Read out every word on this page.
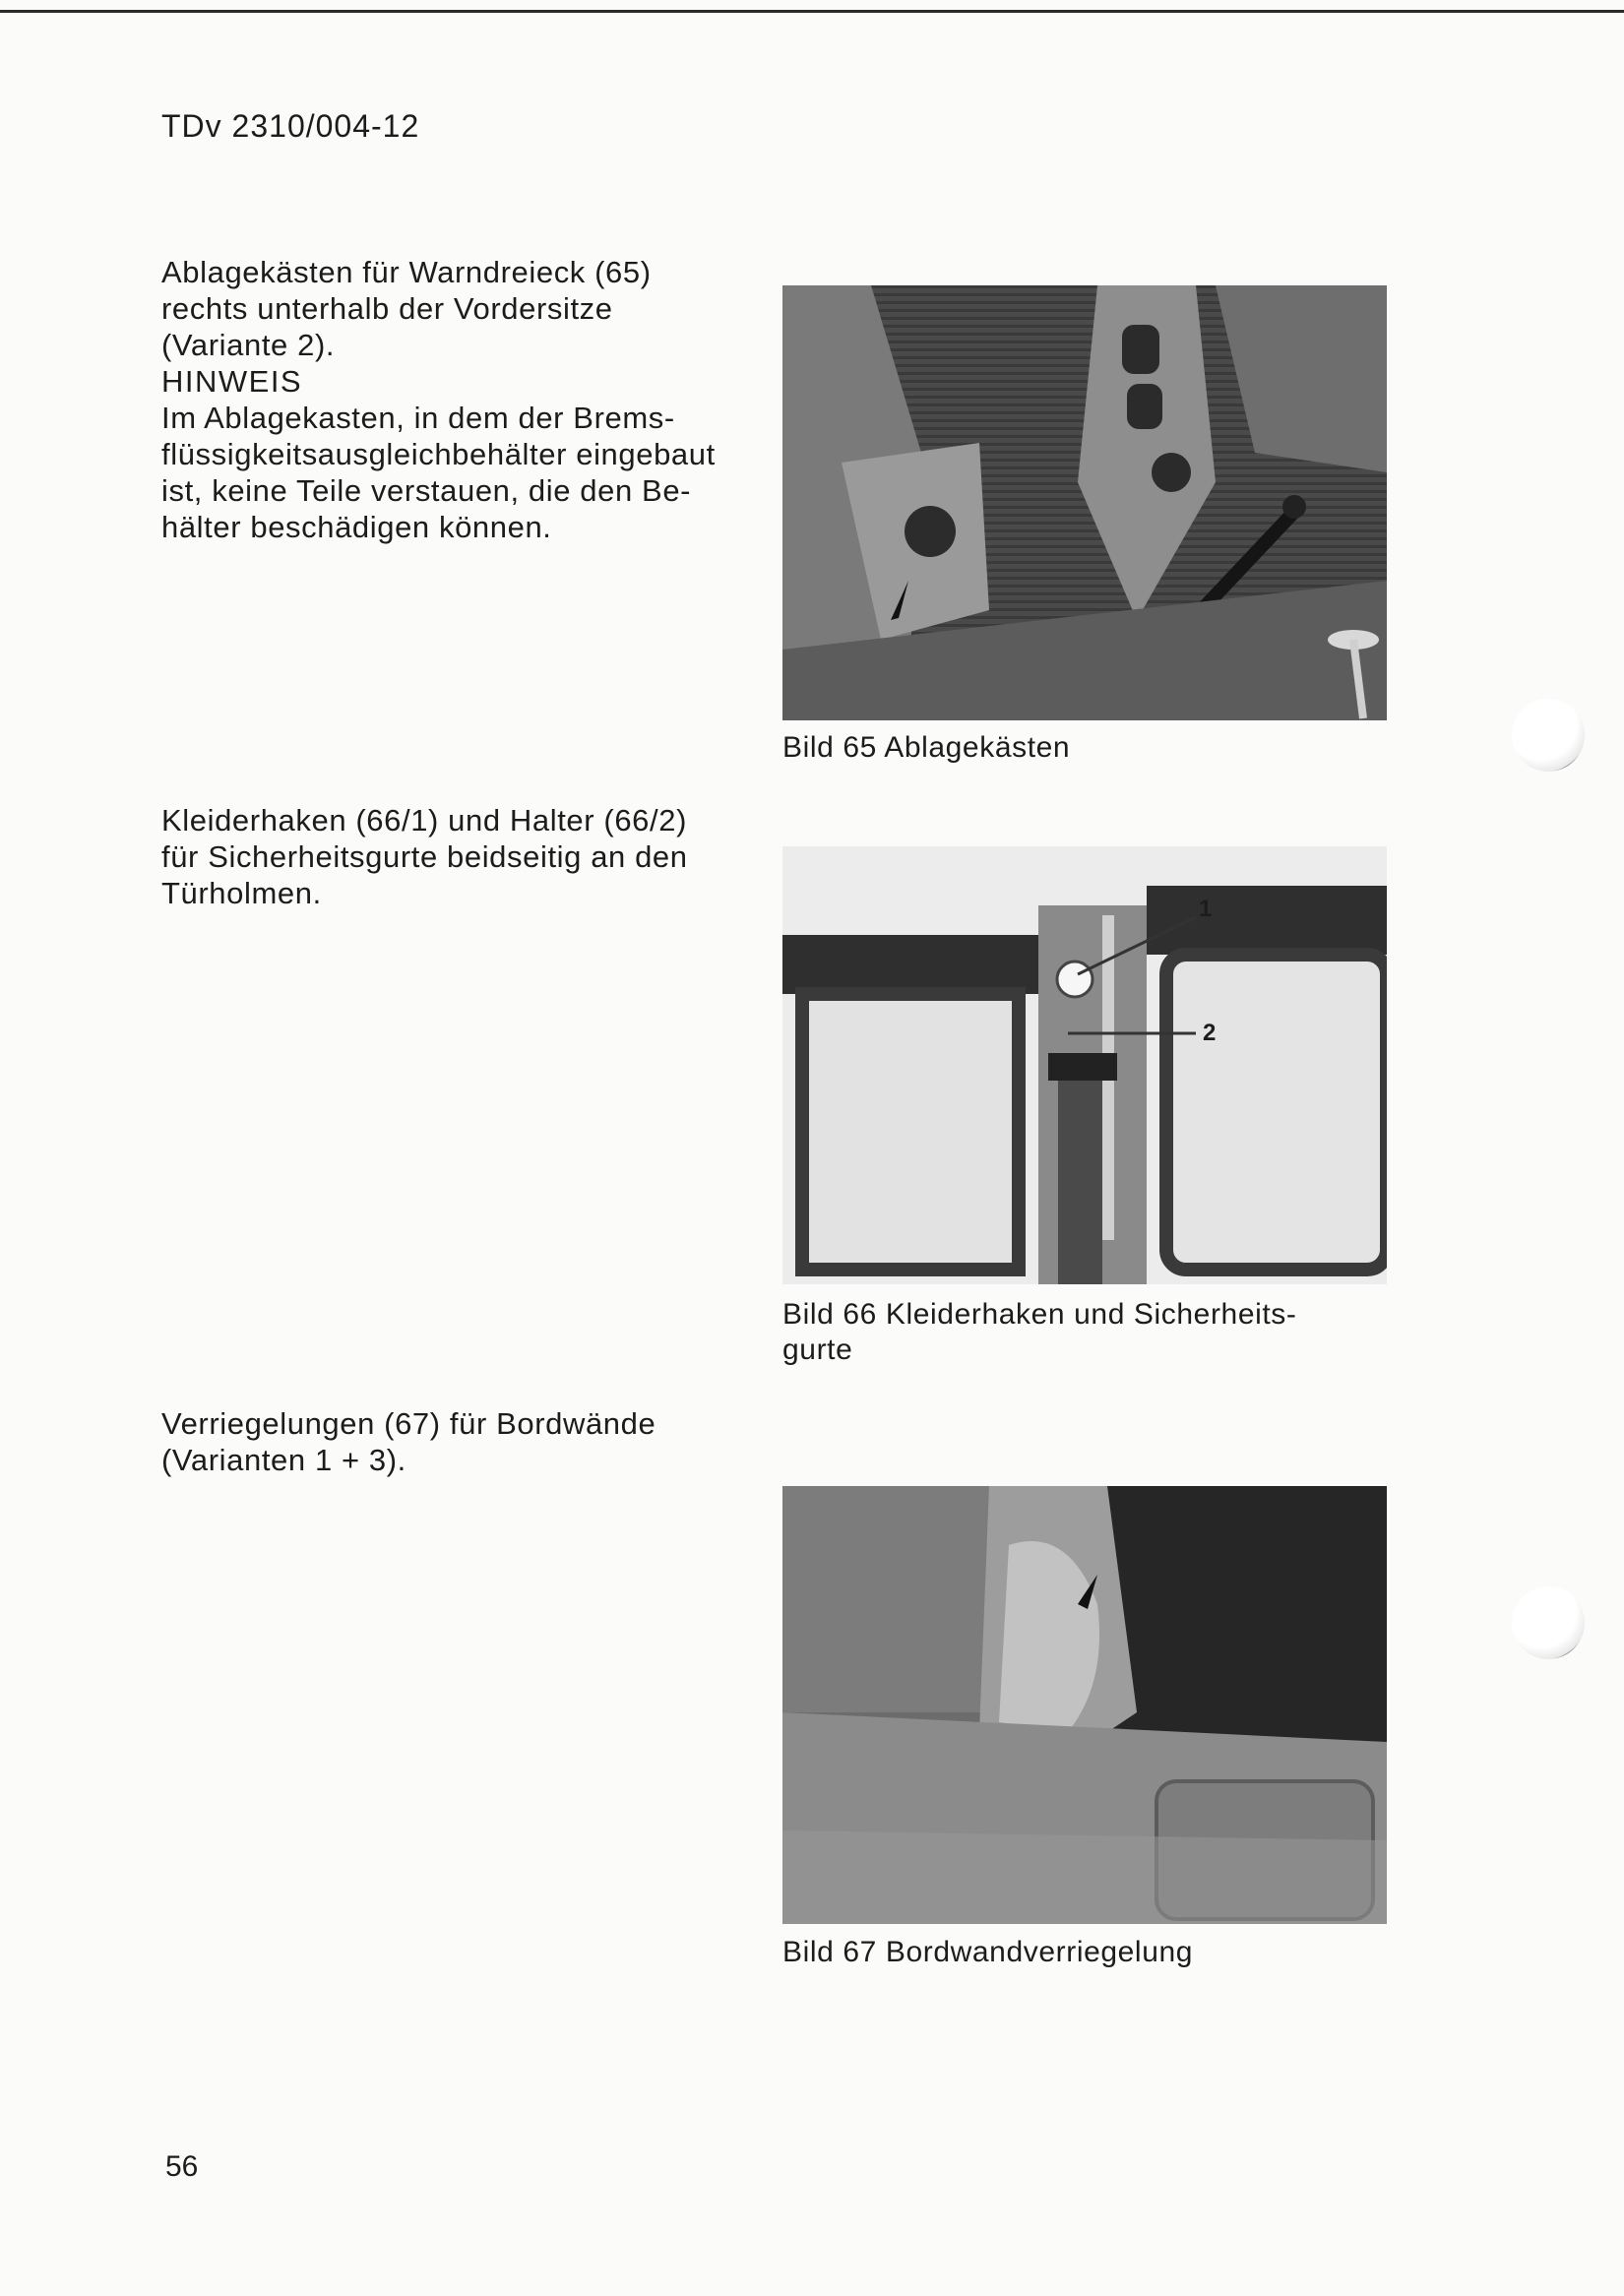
TDv 2310/004-12

Ablagekästen für Warndreieck (65)
rechts unterhalb der Vordersitze
(Variante 2).

HINWEIS

Im Ablagekasten, in dem der Brems-
flüssigkeitsausgleichbehälter eingebaut
ist, keine Teile verstauen, die den Be-
hälter beschädigen können.

Bild 65 Ablagekästen

Kleiderhaken (66/1) und Halter (66/2)
für Sicherheitsgurte beidseitig an den
Türholmen.	1
2
Bild 66 Kleiderhaken und Sicherheits-
gurte

Verriegelungen (67) für Bordwände
(Varianten 1 + 3).

Bild 67 Bordwandverriegelung
56
